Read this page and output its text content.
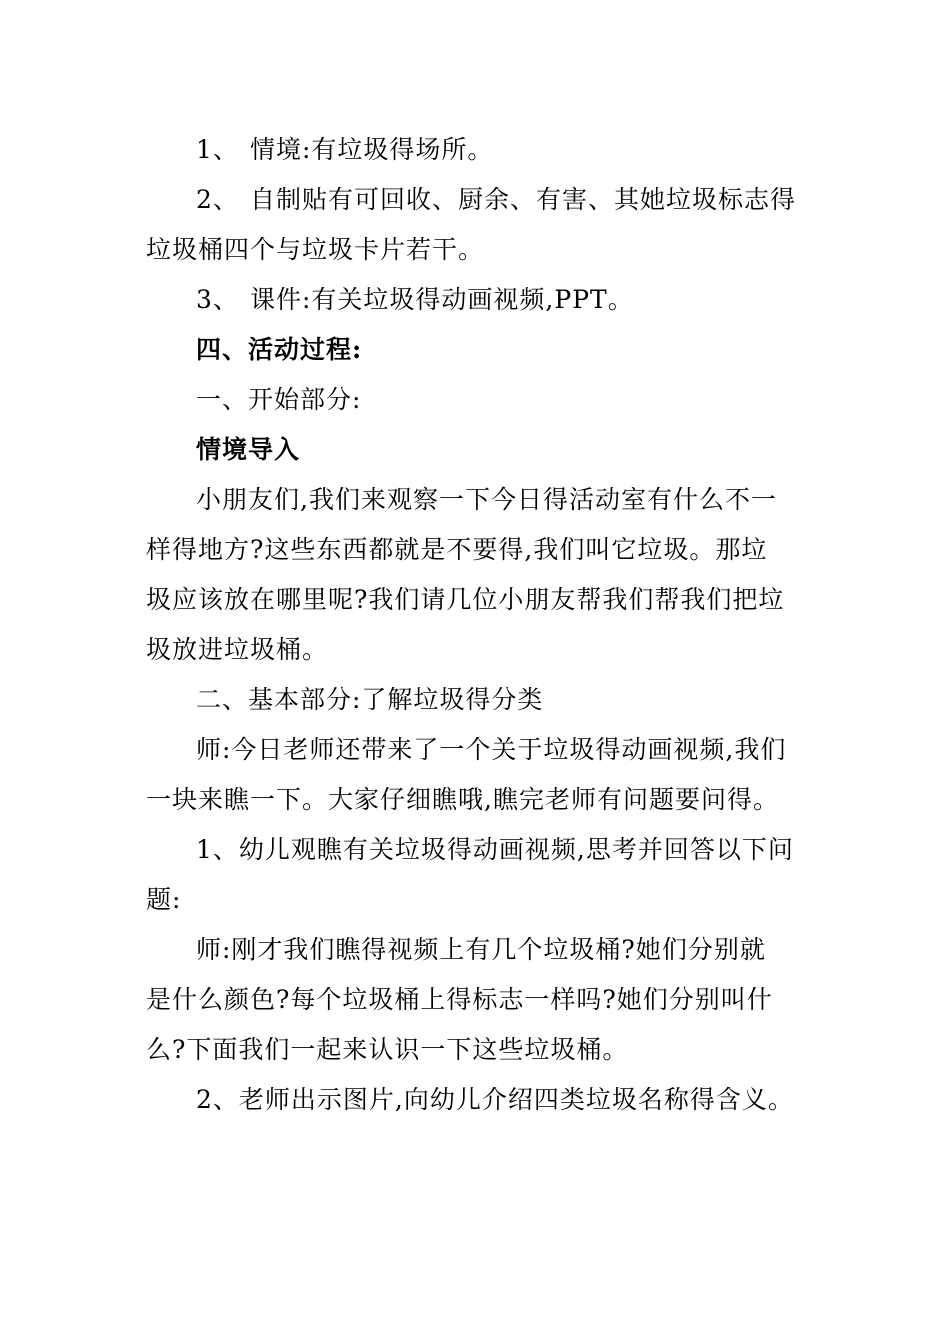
1、 情境:有垃圾得场所。
2、 自制贴有可回收、厨余、有害、其她垃圾标志得
垃圾桶四个与垃圾卡片若干。
3、 课件:有关垃圾得动画视频,PPT。
四、活动过程:
一、开始部分:
情境导入
小朋友们,我们来观察一下今日得活动室有什么不一
样得地方?这些东西都就是不要得,我们叫它垃圾。那垃
圾应该放在哪里呢?我们请几位小朋友帮我们帮我们把垃
圾放进垃圾桶。
二、基本部分:了解垃圾得分类
师:今日老师还带来了一个关于垃圾得动画视频,我们
一块来瞧一下。大家仔细瞧哦,瞧完老师有问题要问得。
1、幼儿观瞧有关垃圾得动画视频,思考并回答以下问
题:
师:刚才我们瞧得视频上有几个垃圾桶?她们分别就
是什么颜色?每个垃圾桶上得标志一样吗?她们分别叫什
么?下面我们一起来认识一下这些垃圾桶。
2、老师出示图片,向幼儿介绍四类垃圾名称得含义。
